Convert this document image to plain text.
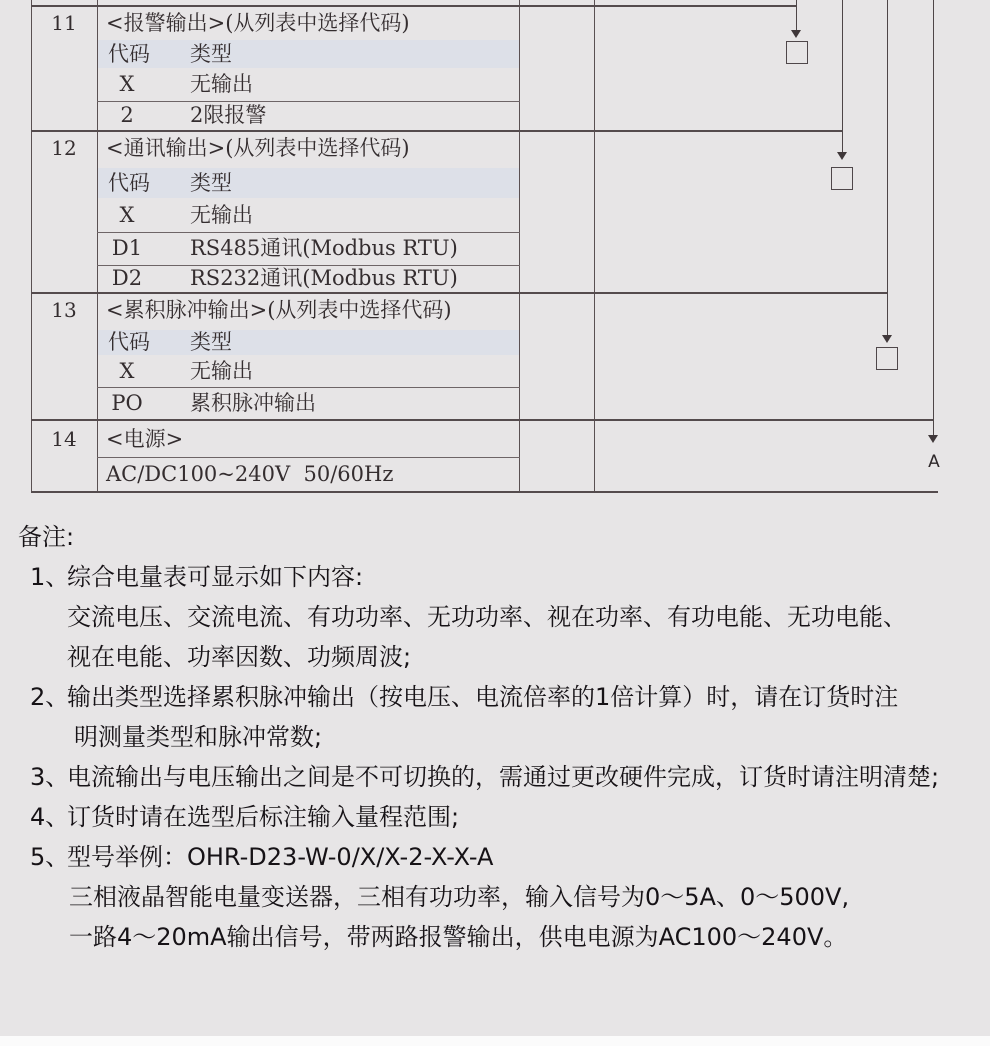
11	<报警输出>(从列表中选择代码)
代码 类型
X	无输出
2	2限报警
12	<通讯输出>(从列表中选择代码)
代码 类型
X	无输出
D1	RS485通讯(Modbus RTU)
D2	RS232通讯(Modbus RTU)
13	<累积脉冲输出>(从列表中选择代码)
代码 类型
X	无输出
PO	累积脉冲输出
14	<电源>
AC/DC100~240V  50/60Hz	A
备注:
1、
综合电量表可显示如下内容:
交流电压、交流电流、有功功率、无功功率、视在功率、有功电能、无功电能、
视在电能、功率因数、功频周波;
2、
输出类型选择累积脉冲输出（按电压、电流倍率的1倍计算）时，请在订货时注
明测量类型和脉冲常数;
3、
电流输出与电压输出之间是不可切换的，需通过更改硬件完成，订货时请注明清楚;
4、
订货时请在选型后标注输入量程范围;
5、
型号举例：OHR-D23-W-0/X/X-2-X-X-A
三相液晶智能电量变送器，三相有功功率，输入信号为0～5A、0～500V,
一路4～20mA输出信号，带两路报警输出，供电电源为AC100～240V。
